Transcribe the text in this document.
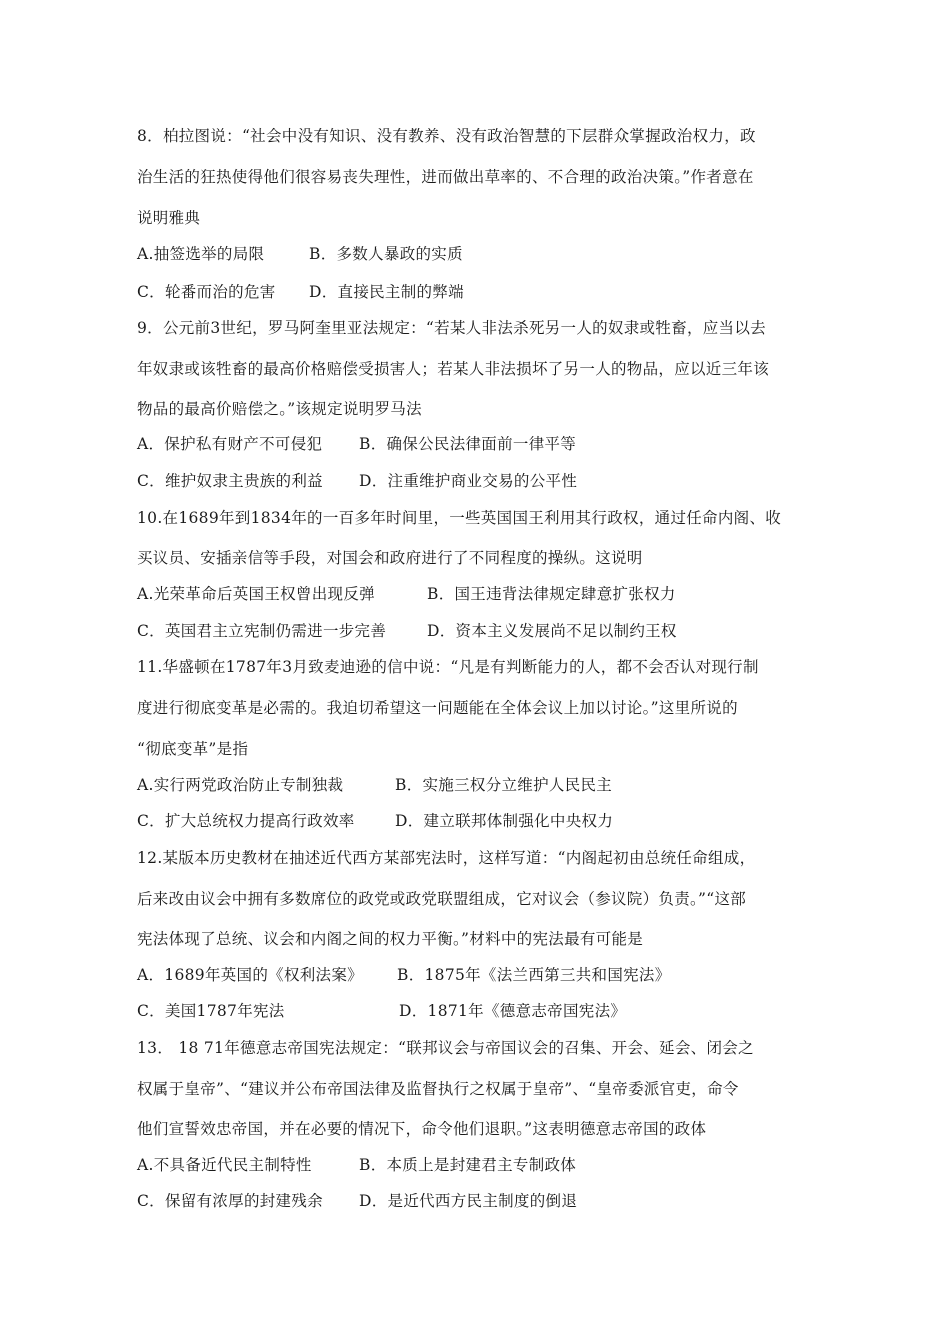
8．柏拉图说：“社会中没有知识、没有教养、没有政治智慧的下层群众掌握政治权力，政
治生活的狂热使得他们很容易丧失理性，进而做出草率的、不合理的政治决策。”作者意在
说明雅典
A.抽签选举的局限	B．多数人暴政的实质
C．轮番而治的危害 D．直接民主制的弊端
9．公元前3世纪，罗马阿奎里亚法规定：“若某人非法杀死另一人的奴隶或牲畜，应当以去
年奴隶或该牲畜的最高价格赔偿受损害人；若某人非法损坏了另一人的物品，应以近三年该
物品的最高价赔偿之。”该规定说明罗马法
A．保护私有财产不可侵犯 B．确保公民法律面前一律平等
C．维护奴隶主贵族的利益 D．注重维护商业交易的公平性
10.在1689年到1834年的一百多年时间里，一些英国国王利用其行政权，通过任命内阁、收
买议员、安插亲信等手段，对国会和政府进行了不同程度的操纵。这说明
A.光荣革命后英国王权曾出现反弹	B．国王违背法律规定肆意扩张权力
C．英国君主立宪制仍需进一步完善	D．资本主义发展尚不足以制约王权
11.华盛顿在1787年3月致麦迪逊的信中说：“凡是有判断能力的人，都不会否认对现行制
度进行彻底变革是必需的。我迫切希望这一问题能在全体会议上加以讨论。”这里所说的
“彻底变革”是指
A.实行两党政治防止专制独裁	B．实施三权分立维护人民民主
C．扩大总统权力提高行政效率	D．建立联邦体制强化中央权力
12.某版本历史教材在抽述近代西方某部宪法时，这样写道：“内阁起初由总统任命组成，
后来改由议会中拥有多数席位的政党或政党联盟组成，它对议会（参议院）负责。”“这部
宪法体现了总统、议会和内阁之间的权力平衡。”材料中的宪法最有可能是
A．1689年英国的《权利法案》 B．1875年《法兰西第三共和国宪法》
C．美国1787年宪法	D．1871年《德意志帝国宪法》
13． 18 71年德意志帝国宪法规定：“联邦议会与帝国议会的召集、开会、延会、闭会之
权属于皇帝”、“建议并公布帝国法律及监督执行之权属于皇帝”、“皇帝委派官吏，命令
他们宣誓效忠帝国，并在必要的情况下，命令他们退职。”这表明德意志帝国的政体
A.不具备近代民主制特性	B．本质上是封建君主专制政体
C．保留有浓厚的封建残余 D．是近代西方民主制度的倒退
